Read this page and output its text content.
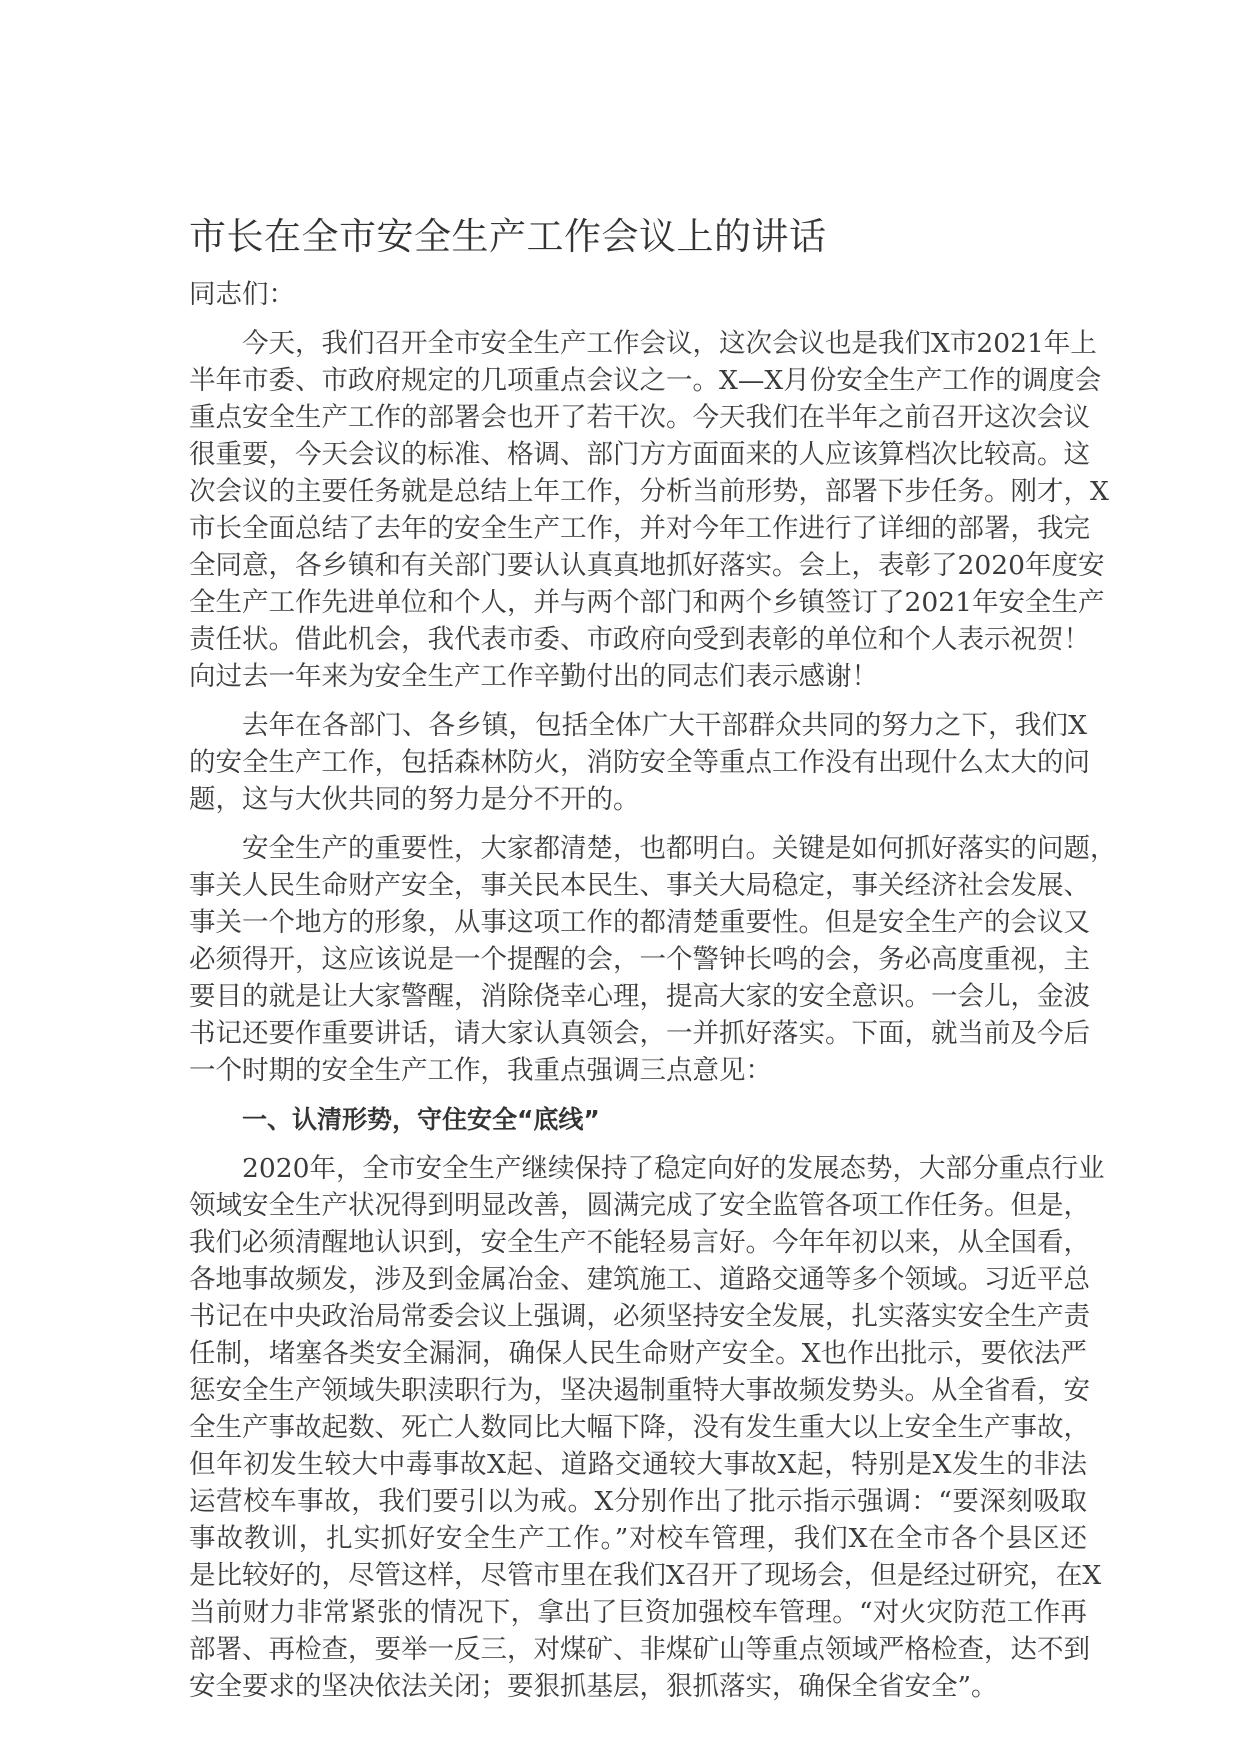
市长在全市安全生产工作会议上的讲话
同志们：
今天，我们召开全市安全生产工作会议，这次会议也是我们X市2021年上
半年市委、市政府规定的几项重点会议之一。X—X月份安全生产工作的调度会
重点安全生产工作的部署会也开了若干次。今天我们在半年之前召开这次会议
很重要，今天会议的标准、格调、部门方方面面来的人应该算档次比较高。这
次会议的主要任务就是总结上年工作，分析当前形势，部署下步任务。刚才，X
市长全面总结了去年的安全生产工作，并对今年工作进行了详细的部署，我完
全同意，各乡镇和有关部门要认认真真地抓好落实。会上，表彰了2020年度安
全生产工作先进单位和个人，并与两个部门和两个乡镇签订了2021年安全生产
责任状。借此机会，我代表市委、市政府向受到表彰的单位和个人表示祝贺！
向过去一年来为安全生产工作辛勤付出的同志们表示感谢！
去年在各部门、各乡镇，包括全体广大干部群众共同的努力之下，我们X
的安全生产工作，包括森林防火，消防安全等重点工作没有出现什么太大的问
题，这与大伙共同的努力是分不开的。
安全生产的重要性，大家都清楚，也都明白。关键是如何抓好落实的问题，
事关人民生命财产安全，事关民本民生、事关大局稳定，事关经济社会发展、
事关一个地方的形象，从事这项工作的都清楚重要性。但是安全生产的会议又
必须得开，这应该说是一个提醒的会，一个警钟长鸣的会，务必高度重视，主
要目的就是让大家警醒，消除侥幸心理，提高大家的安全意识。一会儿，金波
书记还要作重要讲话，请大家认真领会，一并抓好落实。下面，就当前及今后
一个时期的安全生产工作，我重点强调三点意见：
一、认清形势，守住安全“底线”
2020年，全市安全生产继续保持了稳定向好的发展态势，大部分重点行业
领域安全生产状况得到明显改善，圆满完成了安全监管各项工作任务。但是，
我们必须清醒地认识到，安全生产不能轻易言好。今年年初以来，从全国看，
各地事故频发，涉及到金属冶金、建筑施工、道路交通等多个领域。习近平总
书记在中央政治局常委会议上强调，必须坚持安全发展，扎实落实安全生产责
任制，堵塞各类安全漏洞，确保人民生命财产安全。X也作出批示，要依法严
惩安全生产领域失职渎职行为，坚决遏制重特大事故频发势头。从全省看，安
全生产事故起数、死亡人数同比大幅下降，没有发生重大以上安全生产事故，
但年初发生较大中毒事故X起、道路交通较大事故X起，特别是X发生的非法
运营校车事故，我们要引以为戒。X分别作出了批示指示强调：“要深刻吸取
事故教训，扎实抓好安全生产工作。”对校车管理，我们X在全市各个县区还
是比较好的，尽管这样，尽管市里在我们X召开了现场会，但是经过研究，在X
当前财力非常紧张的情况下，拿出了巨资加强校车管理。“对火灾防范工作再
部署、再检查，要举一反三，对煤矿、非煤矿山等重点领域严格检查，达不到
安全要求的坚决依法关闭；要狠抓基层，狠抓落实，确保全省安全”。
